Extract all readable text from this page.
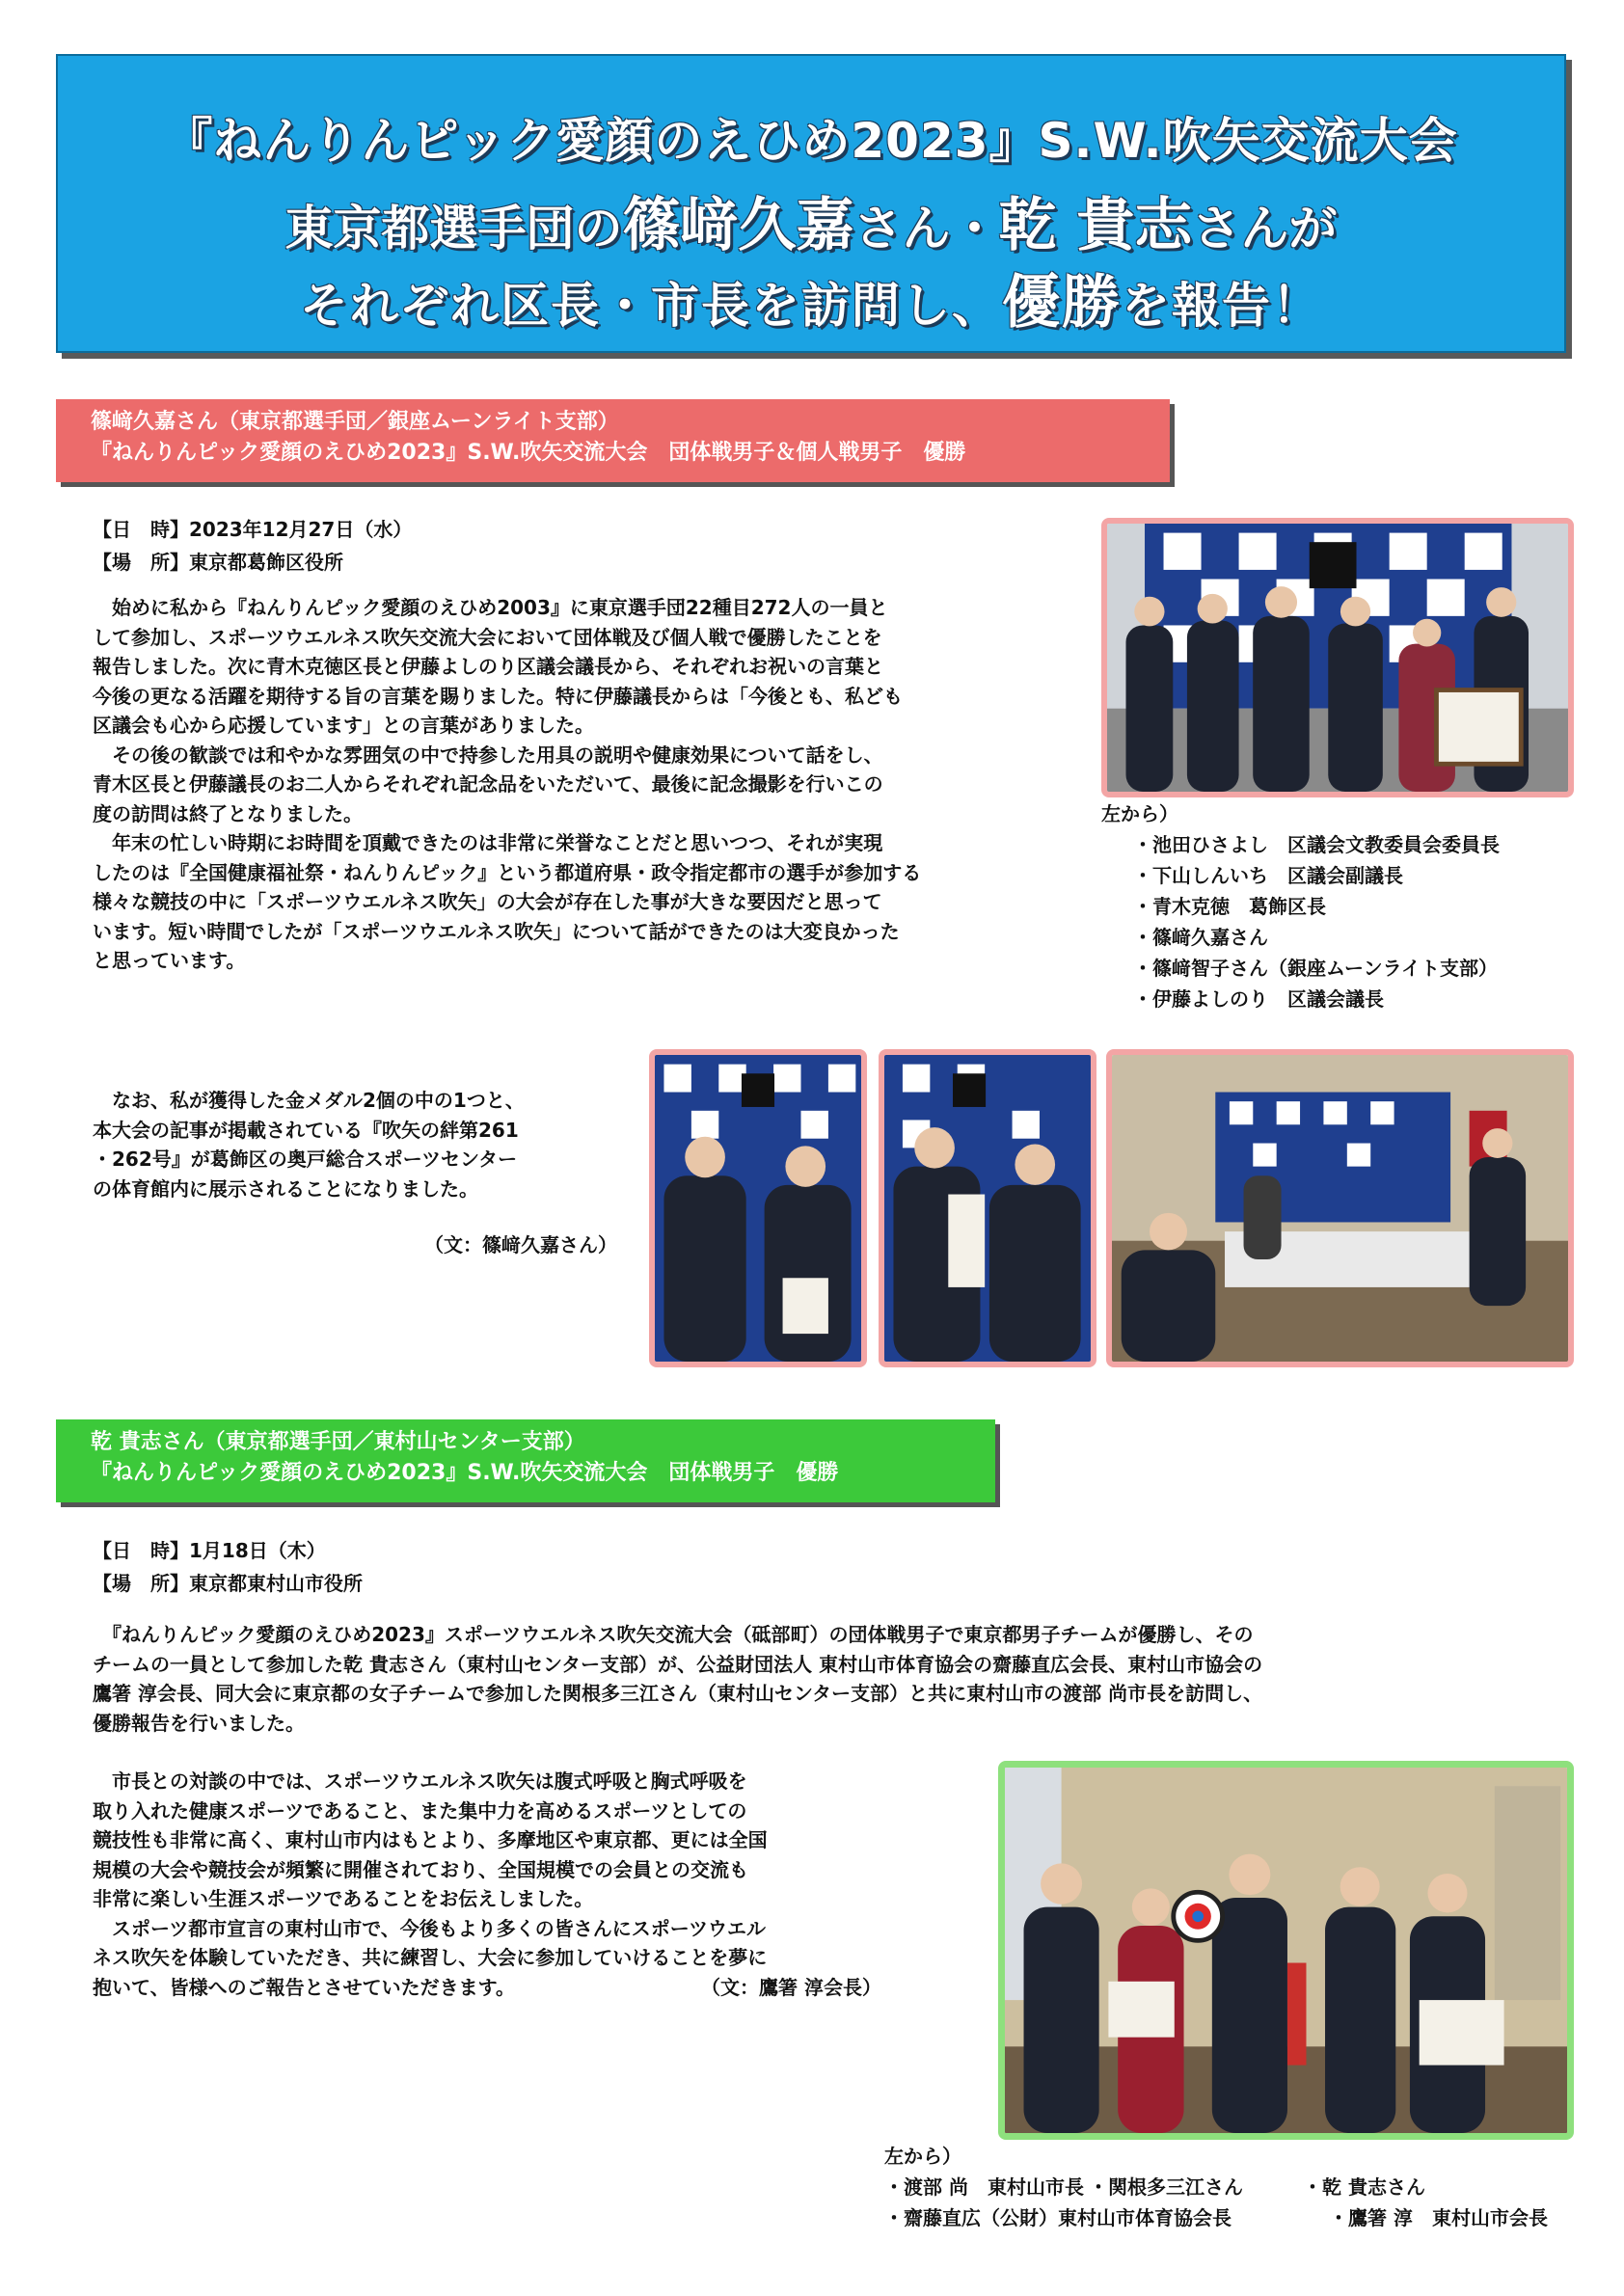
『ねんりんピック愛顔のえひめ2023』S.W.吹矢交流大会
東京都選手団の篠﨑久嘉さん・乾 貴志さんが
それぞれ区長・市長を訪問し、優勝を報告！
篠﨑久嘉さん（東京都選手団／銀座ムーンライト支部）
『ねんりんピック愛顔のえひめ2023』S.W.吹矢交流大会　団体戦男子＆個人戦男子　優勝
【日　時】2023年12月27日（水）
【場　所】東京都葛飾区役所

　始めに私から『ねんりんピック愛顔のえひめ2003』に東京選手団22種目272人の一員と

して参加し、スポーツウエルネス吹矢交流大会において団体戦及び個人戦で優勝したことを

報告しました。次に青木克徳区長と伊藤よしのり区議会議長から、それぞれお祝いの言葉と

今後の更なる活躍を期待する旨の言葉を賜りました。特に伊藤議長からは「今後とも、私ども

区議会も心から応援しています」との言葉がありました。

　その後の歓談では和やかな雰囲気の中で持参した用具の説明や健康効果について話をし、

青木区長と伊藤議長のお二人からそれぞれ記念品をいただいて、最後に記念撮影を行いこの

度の訪問は終了となりました。

　年末の忙しい時期にお時間を頂戴できたのは非常に栄誉なことだと思いつつ、それが実現

したのは『全国健康福祉祭・ねんりんピック』という都道府県・政令指定都市の選手が参加する

様々な競技の中に「スポーツウエルネス吹矢」の大会が存在した事が大きな要因だと思って

います。短い時間でしたが「スポーツウエルネス吹矢」について話ができたのは大変良かった

と思っています。

　なお、私が獲得した金メダル2個の中の1つと、

本大会の記事が掲載されている『吹矢の絆第261

・262号』が葛飾区の奥戸総合スポーツセンター

の体育館内に展示されることになりました。

（文：篠﨑久嘉さん）
左から）
・池田ひさよし　区議会文教委員会委員長
・下山しんいち　区議会副議長
・青木克徳　葛飾区長
・篠﨑久嘉さん
・篠﨑智子さん（銀座ムーンライト支部）
・伊藤よしのり　区議会議長
乾 貴志さん（東京都選手団／東村山センター支部）
『ねんりんピック愛顔のえひめ2023』S.W.吹矢交流大会　団体戦男子　優勝
【日　時】1月18日（木）
【場　所】東京都東村山市役所

　『ねんりんピック愛顔のえひめ2023』スポーツウエルネス吹矢交流大会（砥部町）の団体戦男子で東京都男子チームが優勝し、その

チームの一員として参加した乾 貴志さん（東村山センター支部）が、公益財団法人 東村山市体育協会の齋藤直広会長、東村山市協会の

鷹箸 淳会長、同大会に東京都の女子チームで参加した関根多三江さん（東村山センター支部）と共に東村山市の渡部 尚市長を訪問し、

優勝報告を行いました。

　市長との対談の中では、スポーツウエルネス吹矢は腹式呼吸と胸式呼吸を

取り入れた健康スポーツであること、また集中力を高めるスポーツとしての

競技性も非常に高く、東村山市内はもとより、多摩地区や東京都、更には全国

規模の大会や競技会が頻繁に開催されており、全国規模での会員との交流も

非常に楽しい生涯スポーツであることをお伝えしました。

　スポーツ都市宣言の東村山市で、今後もより多くの皆さんにスポーツウエル

ネス吹矢を体験していただき、共に練習し、大会に参加していけることを夢に

抱いて、皆様へのご報告とさせていただきます。	（文：鷹箸 淳会長）
左から）
・渡部 尚　東村山市長 ・関根多三江さん	・乾 貴志さん
・齋藤直広（公財）東村山市体育協会長	・鷹箸 淳　東村山市会長
